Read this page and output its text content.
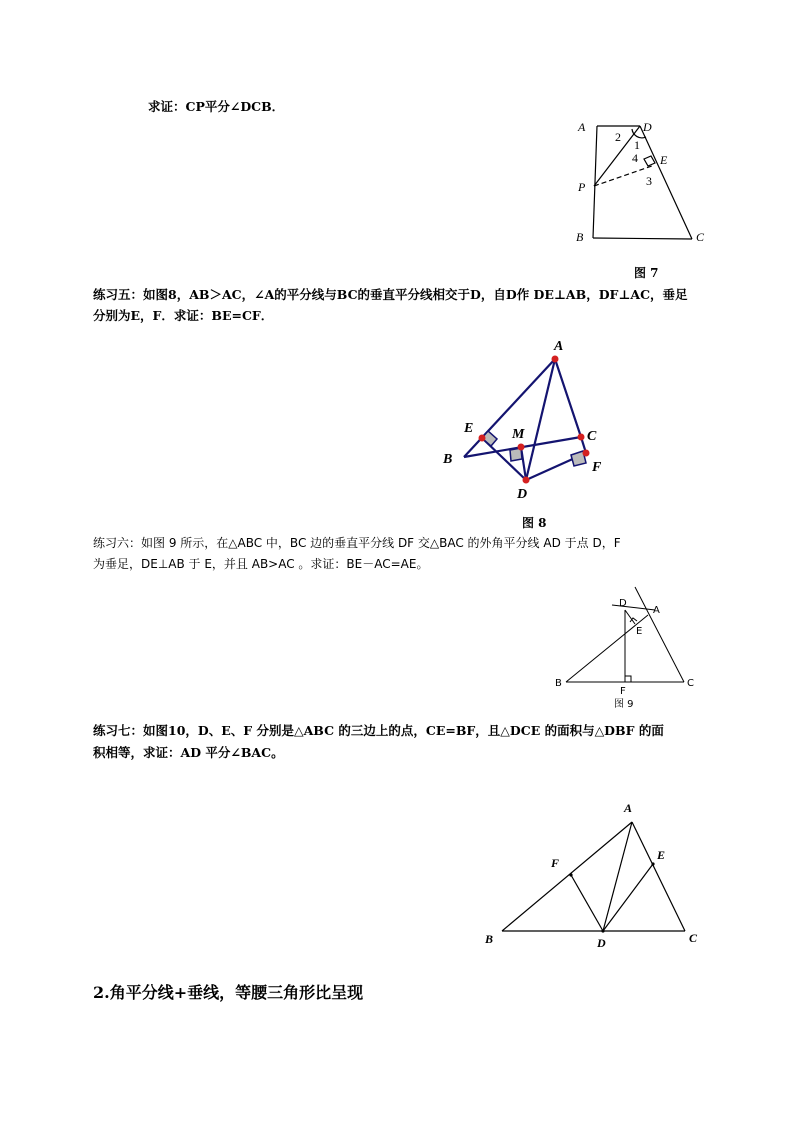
求证：CP平分∠DCB．
A	D
E
P
B	C
1
2
3
4
图 7
练习五：如图8，AB＞AC，∠A的平分线与BC的垂直平分线相交于D，自D作 DE⊥AB，DF⊥AC，垂足
分别为E，F．求证：BE=CF．
A
E	M	C
B
F
D
图 8
练习六：如图 9 所示，在△ABC 中，BC 边的垂直平分线 DF 交△BAC 的外角平分线 AD 于点 D，F
为垂足，DE⊥AB 于 E，并且 AB>AC 。求证：BE－AC=AE。
D
A
E
B
F
C
图 9
练习七：如图10，D、E、F 分别是△ABC 的三边上的点，CE=BF，且△DCE 的面积与△DBF 的面
积相等，求证：AD 平分∠BAC。
A
F
E
B	D	C
2.角平分线+垂线，等腰三角形比呈现
